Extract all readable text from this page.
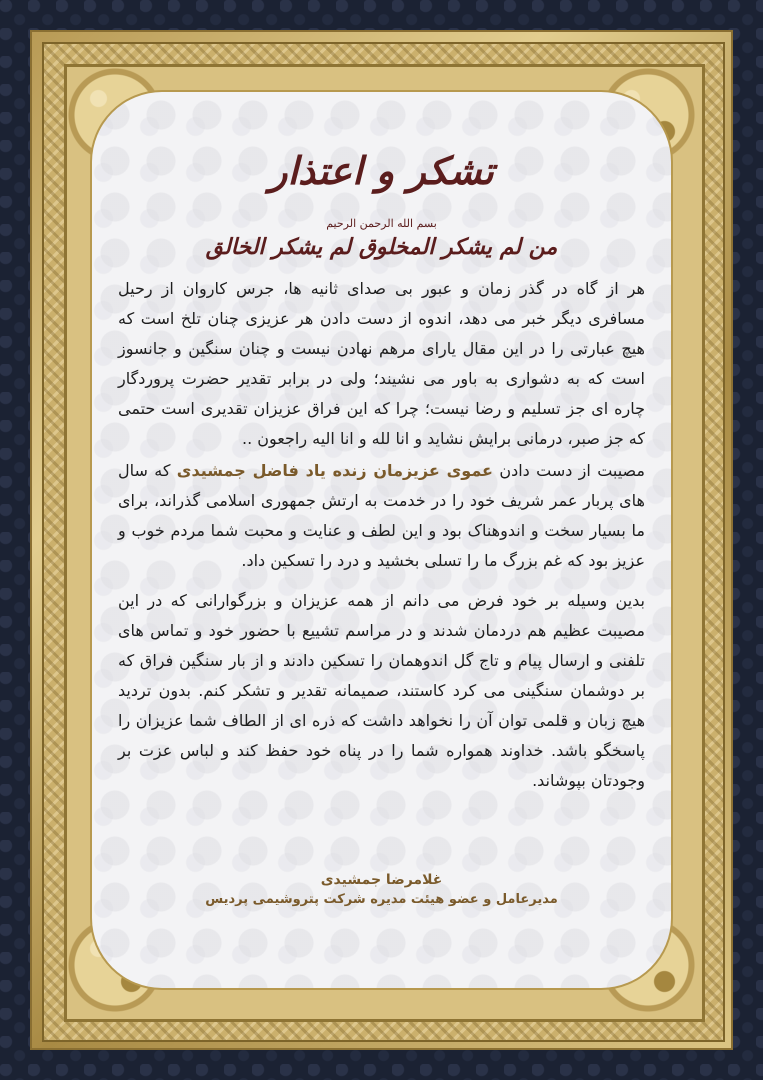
تشکر و اعتذار
بسم الله الرحمن الرحیم
من لم یشکر المخلوق لم یشکر الخالق

هر از گاه در گذر زمان و عبور بی صدای ثانیه ها، جرس کاروان از رحیل مسافری دیگر خبر می دهد، اندوه از دست دادن هر عزیزی چنان تلخ است که هیچ عبارتی را در این مقال یارای مرهم نهادن نیست و چنان سنگین و جانسوز است که به دشواری به باور می نشیند؛ ولی در برابر تقدیر حضرت پروردگار چاره ای جز تسلیم و رضا نیست؛ چرا که این فراق عزیزان تقدیری است حتمی که جز صبر، درمانی برایش نشاید و انا لله و انا الیه راجعون ..

مصیبت از دست دادن عموی عزیزمان زنده یاد فاضل جمشیدی که سال های پربار عمر شریف خود را در خدمت به ارتش جمهوری اسلامی گذراند، برای ما بسیار سخت و اندوهناک بود و این لطف و عنایت و محبت شما مردم خوب و عزیز بود که غم بزرگ ما را تسلی بخشید و درد را تسکین داد.

بدین وسیله بر خود فرض می دانم از همه عزیزان و بزرگوارانی که در این مصیبت عظیم هم دردمان شدند و در مراسم تشییع با حضور خود و تماس های تلفنی و ارسال پیام و تاج گل اندوهمان را تسکین دادند و از بار سنگین فراق که بر دوشمان سنگینی می کرد کاستند، صمیمانه تقدیر و تشکر کنم. بدون تردید هیچ زبان و قلمی توان آن را نخواهد داشت که ذره ای از الطاف شما عزیزان را پاسخگو باشد. خداوند همواره شما را در پناه خود حفظ کند و لباس عزت بر وجودتان بپوشاند.

غلامرضا جمشیدی
مدیرعامل و عضو هیئت مدیره شرکت پتروشیمی پردیس
